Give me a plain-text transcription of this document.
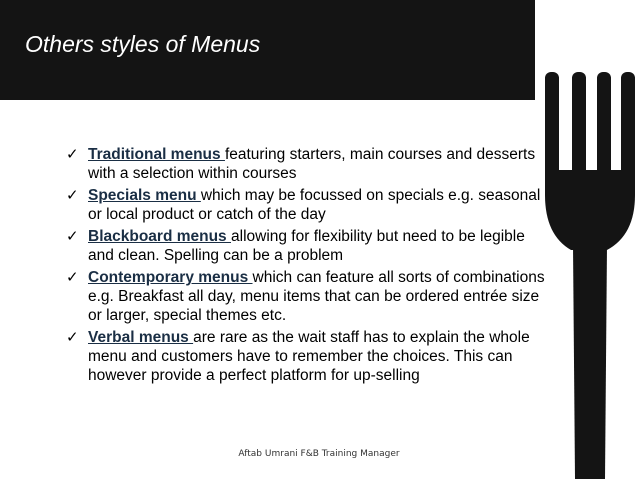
Others styles of Menus
✓ Traditional menus featuring starters, main courses and desserts with a selection within courses
✓ Specials menu which may be focussed on specials e.g. seasonal or local product or catch of the day
✓ Blackboard menus allowing for flexibility but need to be legible and clean. Spelling can be a problem
✓ Contemporary menus which can feature all sorts of combinations e.g. Breakfast all day, menu items that can be ordered entrée size or larger, special themes etc.
✓ Verbal menus are rare as the wait staff has to explain the whole menu and customers have to remember the choices. This can however provide a perfect platform for up-selling
Aftab Umrani F&B Training Manager
